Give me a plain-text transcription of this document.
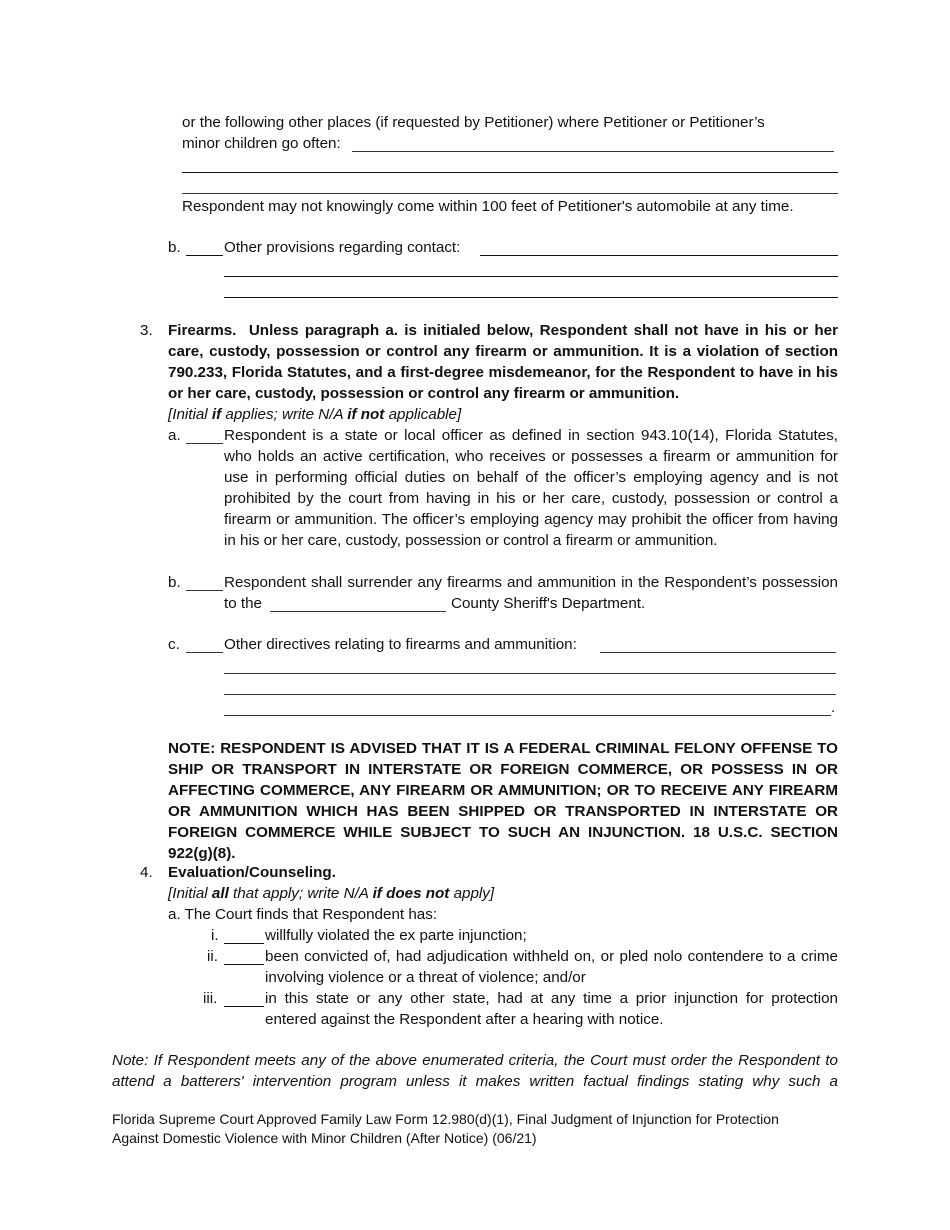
or the following other places (if requested by Petitioner) where Petitioner or Petitioner’s
minor children go often:
Respondent may not knowingly come within 100 feet of Petitioner's automobile at any time.
b.	Other provisions regarding contact:
3. Firearms. Unless paragraph a. is initialed below, Respondent shall not have in his or her care, custody, possession or control any firearm or ammunition. It is a violation of section 790.233, Florida Statutes, and a first-degree misdemeanor, for the Respondent to have in his or her care, custody, possession or control any firearm or ammunition.
[Initial if applies; write N/A if not applicable]
a.	Respondent is a state or local officer as defined in section 943.10(14), Florida Statutes, who holds an active certification, who receives or possesses a firearm or ammunition for use in performing official duties on behalf of the officer’s employing agency and is not prohibited by the court from having in his or her care, custody, possession or control a firearm or ammunition. The officer’s employing agency may prohibit the officer from having in his or her care, custody, possession or control a firearm or ammunition.
b.	Respondent shall surrender any firearms and ammunition in the Respondent’s possession
to the	County Sheriff's Department.
c.	Other directives relating to firearms and ammunition:
.
NOTE: RESPONDENT IS ADVISED THAT IT IS A FEDERAL CRIMINAL FELONY OFFENSE TO SHIP OR TRANSPORT IN INTERSTATE OR FOREIGN COMMERCE, OR POSSESS IN OR AFFECTING COMMERCE, ANY FIREARM OR AMMUNITION; OR TO RECEIVE ANY FIREARM OR AMMUNITION WHICH HAS BEEN SHIPPED OR TRANSPORTED IN INTERSTATE OR FOREIGN COMMERCE WHILE SUBJECT TO SUCH AN INJUNCTION. 18 U.S.C. SECTION 922(g)(8).
4. Evaluation/Counseling.
[Initial all that apply; write N/A if does not apply]
a. The Court finds that Respondent has:
i.	willfully violated the ex parte injunction;
ii.	been convicted of, had adjudication withheld on, or pled nolo contendere to a crime involving violence or a threat of violence; and/or
iii.	in this state or any other state, had at any time a prior injunction for protection entered against the Respondent after a hearing with notice.
Note: If Respondent meets any of the above enumerated criteria, the Court must order the Respondent to attend a batterers' intervention program unless it makes written factual findings stating why such a
Florida Supreme Court Approved Family Law Form 12.980(d)(1), Final Judgment of Injunction for Protection
Against Domestic Violence with Minor Children (After Notice) (06/21)
